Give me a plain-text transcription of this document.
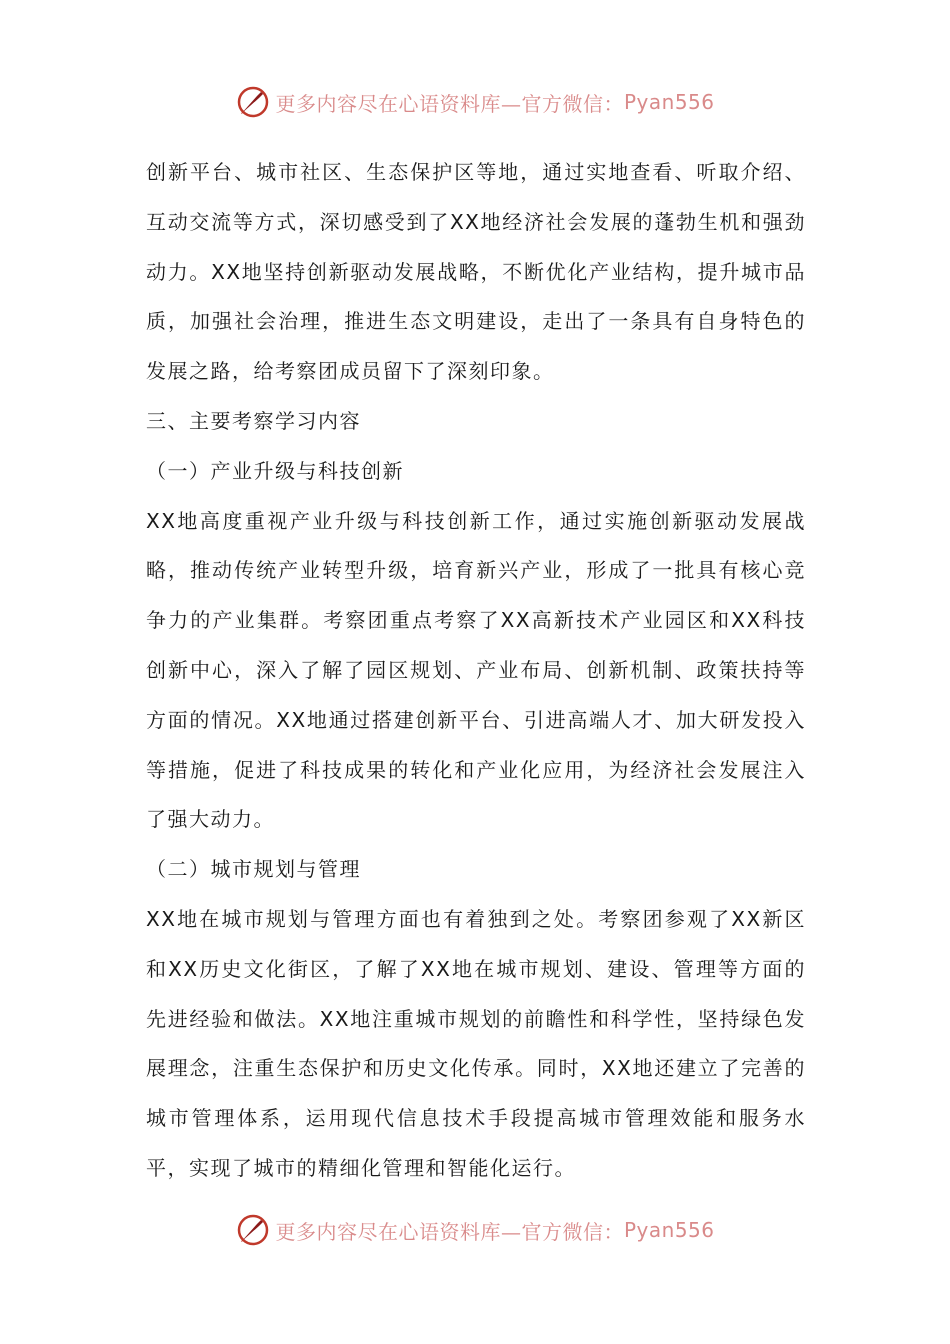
更多内容尽在心语资料库—官方微信： Pyan556

创新平台、城市社区、生态保护区等地，通过实地查看、听取介绍、互动交流等方式，深切感受到了XX地经济社会发展的蓬勃生机和强劲动力。XX地坚持创新驱动发展战略，不断优化产业结构，提升城市品质，加强社会治理，推进生态文明建设，走出了一条具有自身特色的发展之路，给考察团成员留下了深刻印象。

三、主要考察学习内容

（一）产业升级与科技创新

XX地高度重视产业升级与科技创新工作，通过实施创新驱动发展战略，推动传统产业转型升级，培育新兴产业，形成了一批具有核心竞争力的产业集群。考察团重点考察了XX高新技术产业园区和XX科技创新中心，深入了解了园区规划、产业布局、创新机制、政策扶持等方面的情况。XX地通过搭建创新平台、引进高端人才、加大研发投入等措施，促进了科技成果的转化和产业化应用，为经济社会发展注入了强大动力。

（二）城市规划与管理

XX地在城市规划与管理方面也有着独到之处。考察团参观了XX新区和XX历史文化街区，了解了XX地在城市规划、建设、管理等方面的先进经验和做法。XX地注重城市规划的前瞻性和科学性，坚持绿色发展理念，注重生态保护和历史文化传承。同时，XX地还建立了完善的城市管理体系，运用现代信息技术手段提高城市管理效能和服务水平，实现了城市的精细化管理和智能化运行。

更多内容尽在心语资料库—官方微信： Pyan556
